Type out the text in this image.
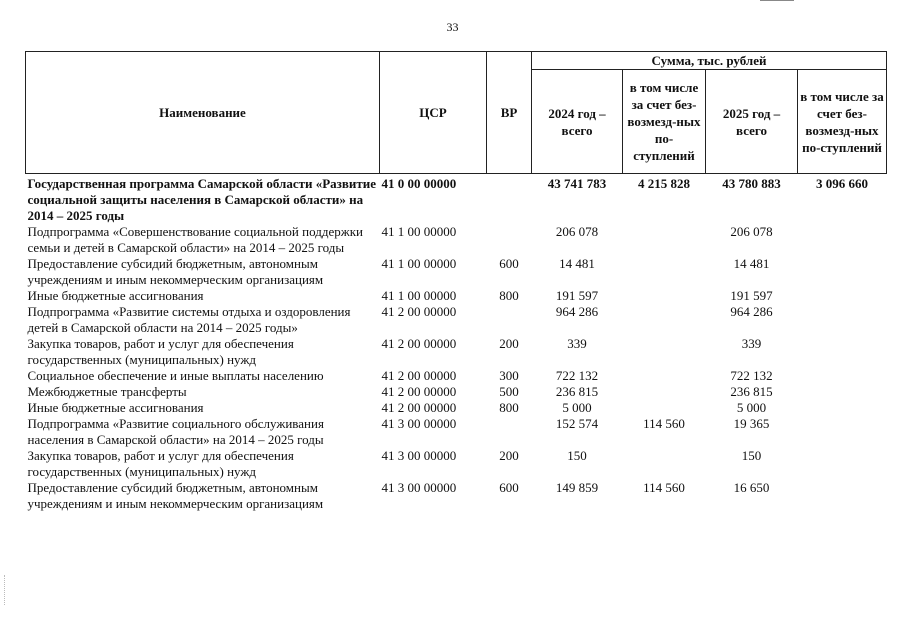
33
Наименование	ЦСР	ВР	Сумма, тыс. рублей			
			2024 год – всего	в том числе за счет без-возмезд-ных по-ступлений	2025 год – всего	в том числе за счет без-возмезд-ных по-ступлений
Государственная программа Самарской области «Развитие социальной защиты населения в Самарской области» на 2014 – 2025 годы	41 0 00 00000		43 741 783	4 215 828	43 780 883	3 096 660
Подпрограмма «Совершенствование социальной поддержки семьи и детей в Самарской области» на 2014 – 2025 годы	41 1 00 00000		206 078		206 078	
Предоставление субсидий бюджетным, автономным учреждениям и иным некоммерческим организациям	41 1 00 00000	600	14 481		14 481	
Иные бюджетные ассигнования	41 1 00 00000	800	191 597		191 597	
Подпрограмма «Развитие системы отдыха и оздоровления детей в Самарской области на 2014 – 2025 годы»	41 2 00 00000		964 286		964 286	
Закупка товаров, работ и услуг для обеспечения государственных (муниципальных) нужд	41 2 00 00000	200	339		339	
Социальное обеспечение и иные выплаты населению	41 2 00 00000	300	722 132		722 132	
Межбюджетные трансферты	41 2 00 00000	500	236 815		236 815	
Иные бюджетные ассигнования	41 2 00 00000	800	5 000		5 000	
Подпрограмма «Развитие социального обслуживания населения в Самарской области» на 2014 – 2025 годы	41 3 00 00000		152 574	114 560	19 365	
Закупка товаров, работ и услуг для обеспечения государственных (муниципальных) нужд	41 3 00 00000	200	150		150	
Предоставление субсидий бюджетным, автономным учреждениям и иным некоммерческим организациям	41 3 00 00000	600	149 859	114 560	16 650	
